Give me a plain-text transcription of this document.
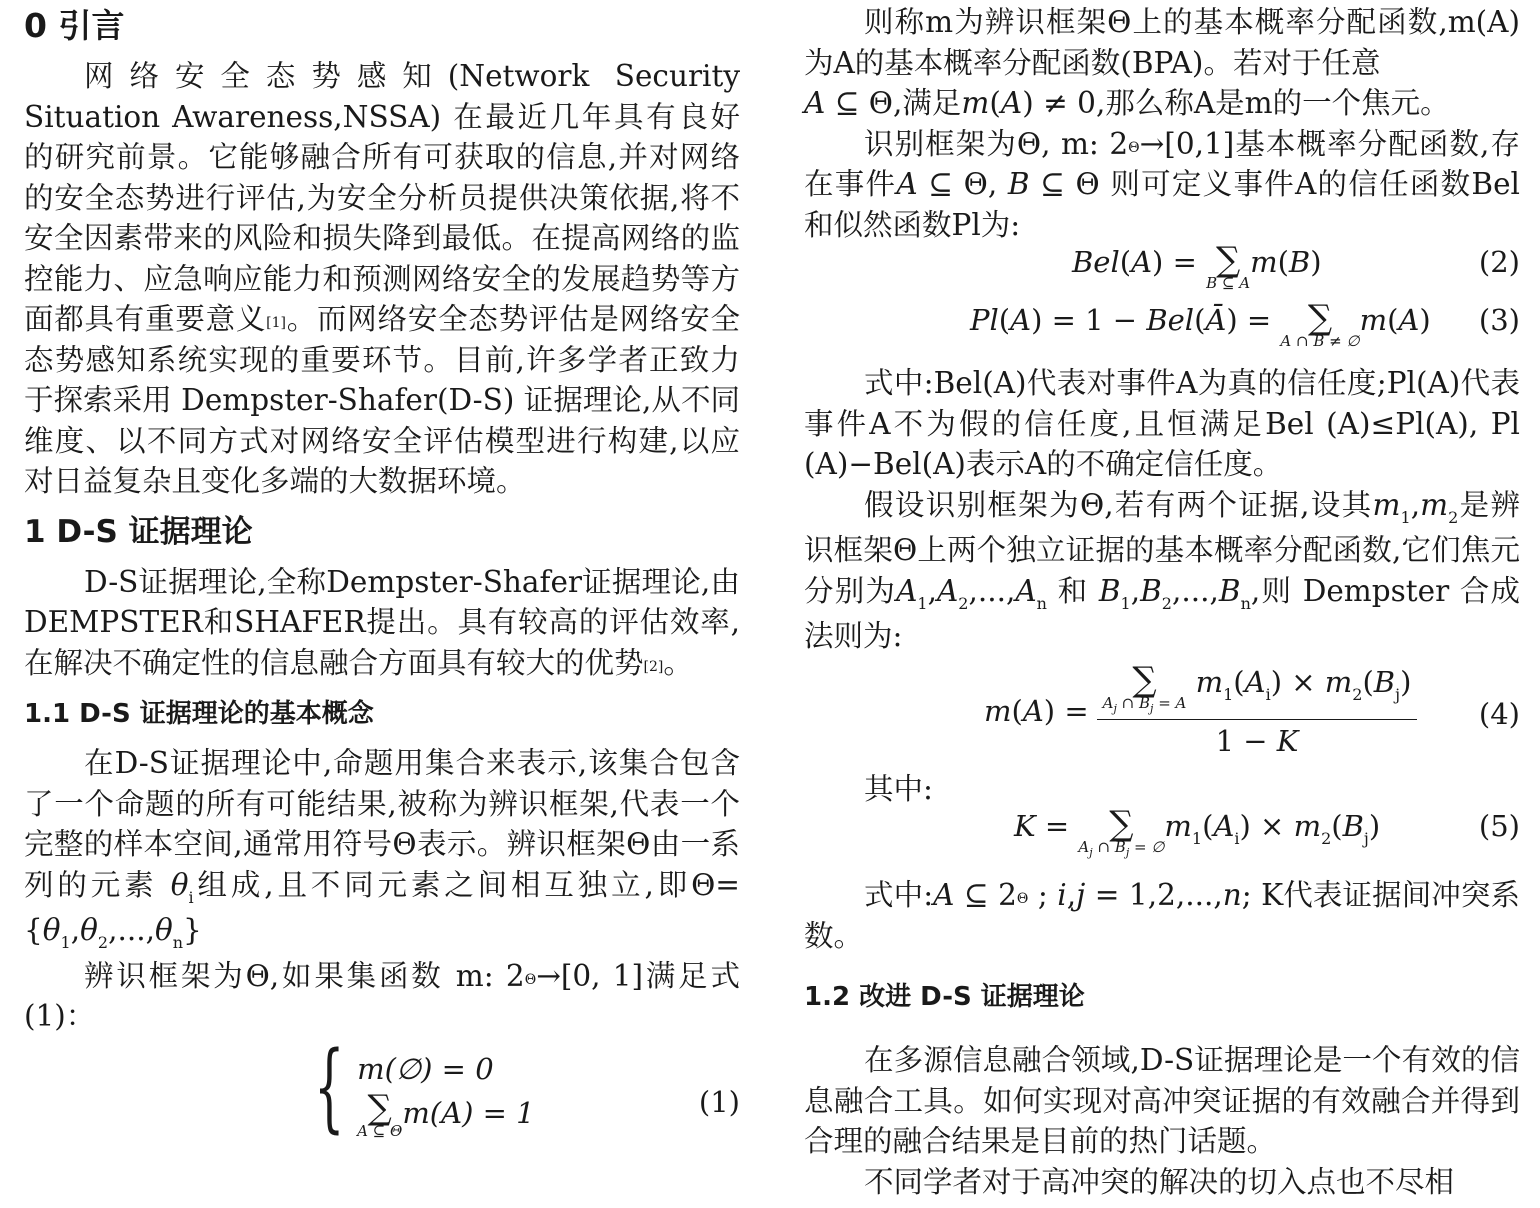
0 引言

网络安全态势感知(Network Security Situation Awareness,NSSA) 在最近几年具有良好的研究前景。它能够融合所有可获取的信息,并对网络的安全态势进行评估,为安全分析员提供决策依据,将不安全因素带来的风险和损失降到最低。在提高网络的监控能力、应急响应能力和预测网络安全的发展趋势等方面都具有重要意义[1]。而网络安全态势评估是网络安全态势感知系统实现的重要环节。目前,许多学者正致力于探索采用 Dempster-Shafer(D-S) 证据理论,从不同维度、以不同方式对网络安全评估模型进行构建,以应对日益复杂且变化多端的大数据环境。

1 D-S 证据理论

D-S证据理论,全称Dempster-Shafer证据理论,由DEMPSTER和SHAFER提出。具有较高的评估效率,在解决不确定性的信息融合方面具有较大的优势[2]。

1.1 D-S 证据理论的基本概念

在D-S证据理论中,命题用集合来表示,该集合包含了一个命题的所有可能结果,被称为辨识框架,代表一个完整的样本空间,通常用符号Θ表示。辨识框架Θ由一系列的元素 $\theta_i$组成,且不同元素之间相互独立,即$\Theta=\{\theta_1,\theta_2,...,\theta_n\}$

辨识框架为Θ,如果集函数 m: $2^\Theta\to[0$, 1]满足式(1)：

{ m(∅) = 0
∑
A ⊆ Θ
m(A) = 1	(1)

则称m为辨识框架Θ上的基本概率分配函数,m(A)为A的基本概率分配函数(BPA)。若对于任意
A ⊆ Θ,满足m(A) ≠ 0,那么称A是m的一个焦元。

识别框架为Θ, m: $2^\Theta\to[0,1]$基本概率分配函数,存在事件A ⊆ Θ, B ⊆ Θ 则可定义事件A的信任函数Bel和似然函数Pl为:

Bel(A) = ∑
B ⊆ A
m(B)	(2)
Pl(A) = 1 − Bel(Ā) = ∑
A ∩ B ≠ ∅
m(A) (3)

式中:Bel(A)代表对事件A为真的信任度;Pl(A)代表事件A不为假的信任度,且恒满足Bel (A)≤Pl(A), Pl (A)−Bel(A)表示A的不确定信任度。

假设识别框架为Θ,若有两个证据,设其$m_1,m_2$是辨识框架Θ上两个独立证据的基本概率分配函数,它们焦元分别为$A_1,A_2,...,A_n$ 和 $B_1,B_2,...,B_n$,则 Dempster 合成法则为:

m(A) = ∑
$A_j$ ∩ $B_j = A$
$m_1(A_i) \times m_2(B_j)$
1 − K (4)

其中:

K = ∑
$A_j$ ∩ $B_j$ = ∅
$m_1(A_i) \times m_2(B_j)$	(5)

式中:A ⊆ $2^\Theta$ ; i,j = 1,2,...,n; K代表证据间冲突系数。

1.2 改进 D-S 证据理论

在多源信息融合领域,D-S证据理论是一个有效的信息融合工具。如何实现对高冲突证据的有效融合并得到合理的融合结果是目前的热门话题。

不同学者对于高冲突的解决的切入点也不尽相
